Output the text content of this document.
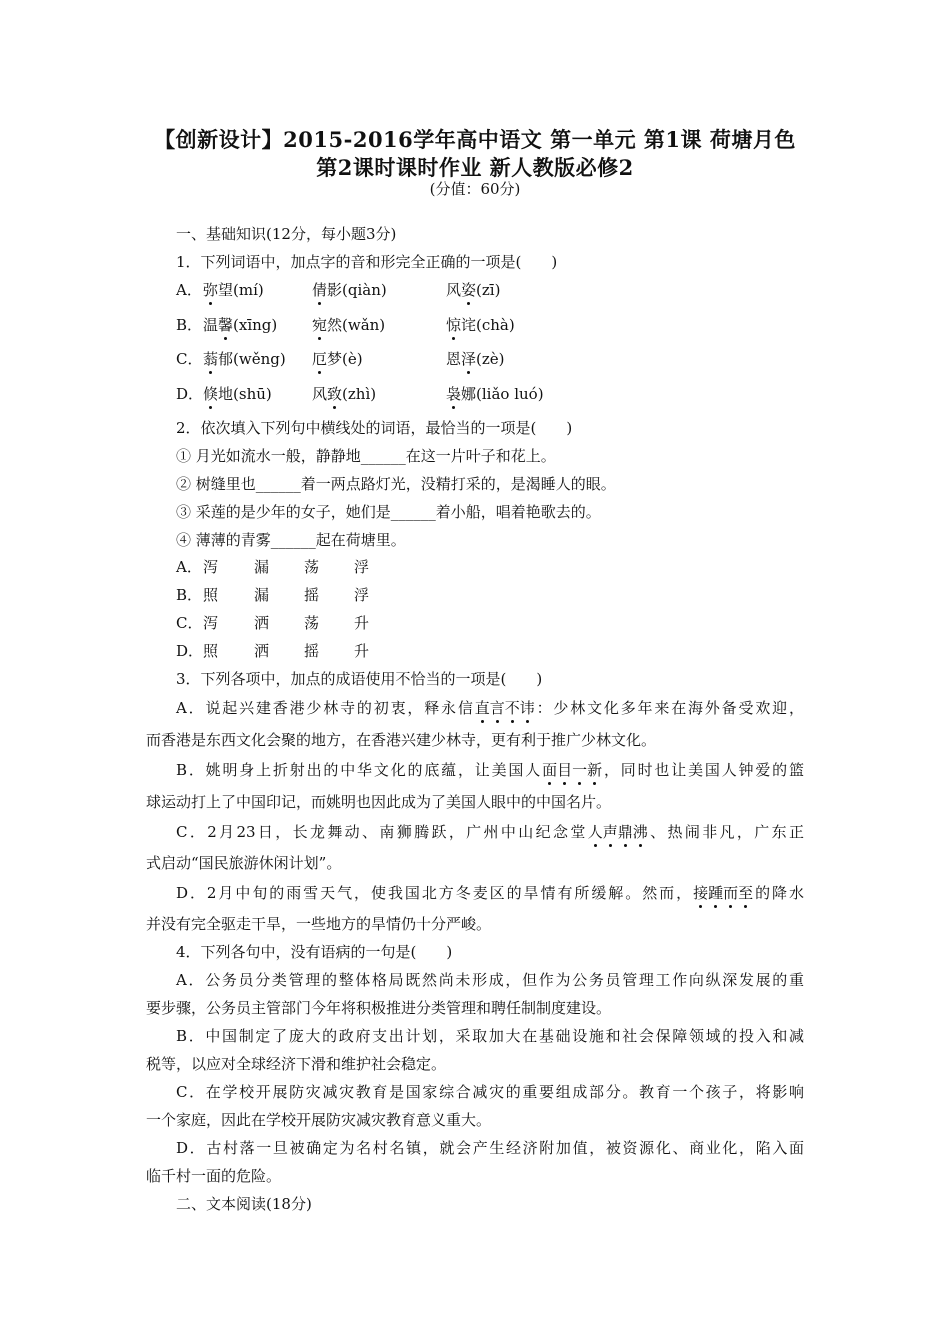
【创新设计】2015-2016学年高中语文 第一单元 第1课 荷塘月色
第2课时课时作业 新人教版必修2
(分值：60分)
一、基础知识(12分，每小题3分)
1．下列词语中，加点字的音和形完全正确的一项是(　　)
A． 弥望(mí)	倩影(qiàn)	风姿(zī)
B． 温馨(xīng) 宛然(wǎn)	惊诧(chà)
C． 蓊郁(wěng) 厄梦(è)	恩泽(zè)
D． 倏地(shū)	风致(zhì)	袅娜(liǎo luó)
2．依次填入下列句中横线处的词语，最恰当的一项是(　　)
① 月光如流水一般，静静地______在这一片叶子和花上。
② 树缝里也______着一两点路灯光，没精打采的，是渴睡人的眼。
③ 采莲的是少年的女子，她们是______着小船，唱着艳歌去的。
④ 薄薄的青雾______起在荷塘里。
A． 泻 漏 荡 浮
B． 照 漏 摇 浮
C． 泻 洒 荡 升
D． 照 洒 摇 升
3．下列各项中，加点的成语使用不恰当的一项是(　　)
A．说起兴建香港少林寺的初衷，释永信直言不讳：少林文化多年来在海外备受欢迎，
而香港是东西文化会聚的地方，在香港兴建少林寺，更有利于推广少林文化。
B．姚明身上折射出的中华文化的底蕴，让美国人面目一新，同时也让美国人钟爱的篮
球运动打上了中国印记，而姚明也因此成为了美国人眼中的中国名片。
C．2月23日，长龙舞动、南狮腾跃，广州中山纪念堂人声鼎沸、热闹非凡，广东正
式启动“国民旅游休闲计划”。
D．2月中旬的雨雪天气，使我国北方冬麦区的旱情有所缓解。然而，接踵而至的降水
并没有完全驱走干旱，一些地方的旱情仍十分严峻。
4．下列各句中，没有语病的一句是(　　)
A．公务员分类管理的整体格局既然尚未形成，但作为公务员管理工作向纵深发展的重
要步骤，公务员主管部门今年将积极推进分类管理和聘任制制度建设。
B．中国制定了庞大的政府支出计划，采取加大在基础设施和社会保障领域的投入和减
税等，以应对全球经济下滑和维护社会稳定。
C．在学校开展防灾减灾教育是国家综合减灾的重要组成部分。教育一个孩子，将影响
一个家庭，因此在学校开展防灾减灾教育意义重大。
D．古村落一旦被确定为名村名镇，就会产生经济附加值，被资源化、商业化，陷入面
临千村一面的危险。
二、文本阅读(18分)
